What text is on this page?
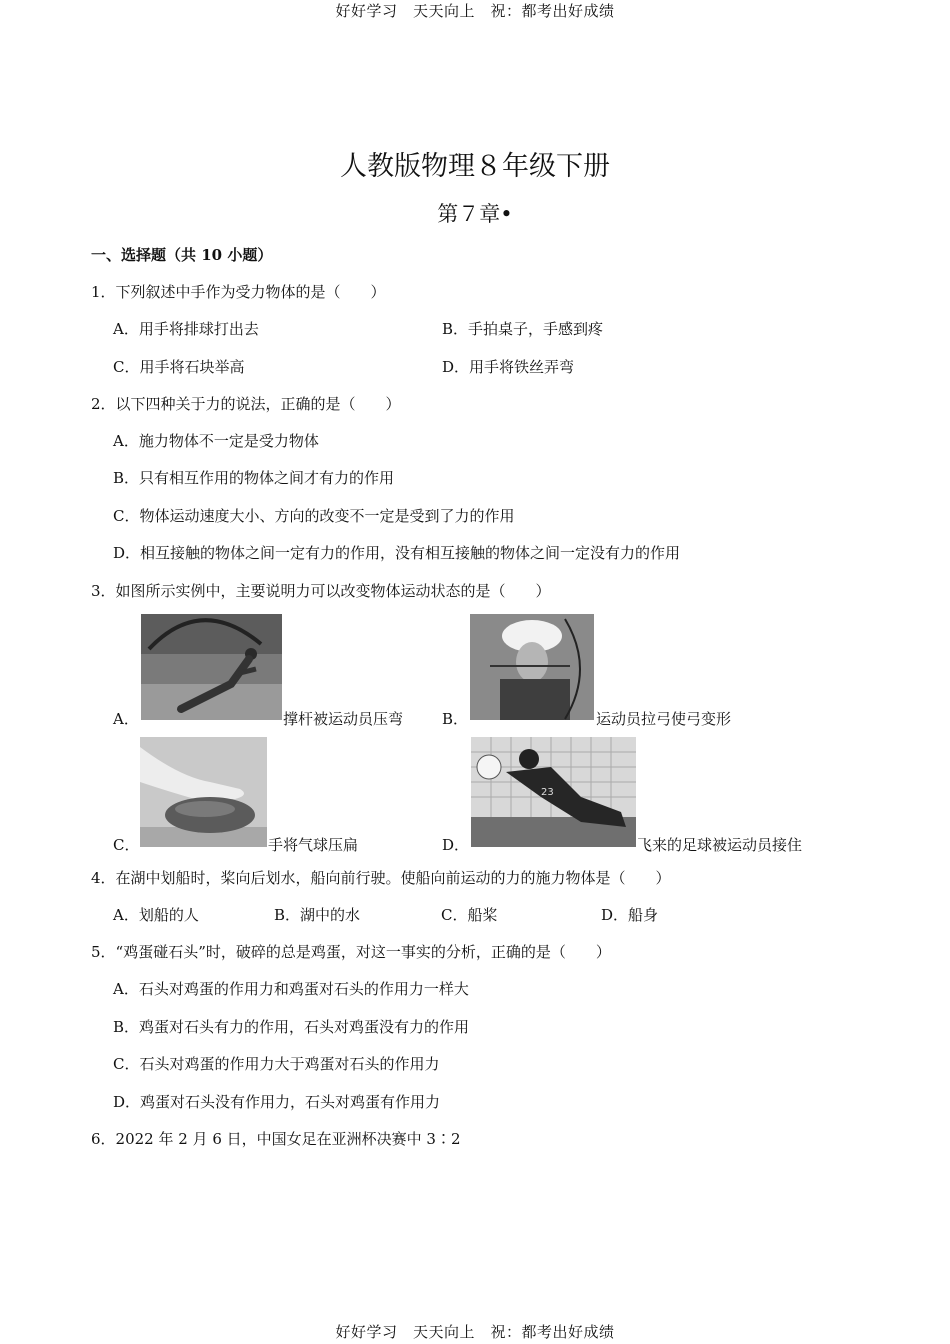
好好学习　天天向上　祝：都考出好成绩
人教版物理８年级下册
第７章•
一、选择题（共 10 小题）
1．下列叙述中手作为受力物体的是（　　）
A．用手将排球打出去	B．手拍桌子，手感到疼
C．用手将石块举高	D．用手将铁丝弄弯
2．以下四种关于力的说法，正确的是（　　）
A．施力物体不一定是受力物体
B．只有相互作用的物体之间才有力的作用
C．物体运动速度大小、方向的改变不一定是受到了力的作用
D．相互接触的物体之间一定有力的作用，没有相互接触的物体之间一定没有力的作用
3．如图所示实例中，主要说明力可以改变物体运动状态的是（　　）
A．	撑杆被运动员压弯	B．	运动员拉弓使弓变形
C．	手将气球压扁
23
D．	飞来的足球被运动员接住
4．在湖中划船时，桨向后划水，船向前行驶。使船向前运动的力的施力物体是（　　）
A．划船的人	B．湖中的水	C．船桨	D．船身
5．“鸡蛋碰石头”时，破碎的总是鸡蛋，对这一事实的分析，正确的是（　　）
A．石头对鸡蛋的作用力和鸡蛋对石头的作用力一样大
B．鸡蛋对石头有力的作用，石头对鸡蛋没有力的作用
C．石头对鸡蛋的作用力大于鸡蛋对石头的作用力
D．鸡蛋对石头没有作用力，石头对鸡蛋有作用力
6．2022 年 2 月 6 日，中国女足在亚洲杯决赛中 3∶2
好好学习　天天向上　祝：都考出好成绩
